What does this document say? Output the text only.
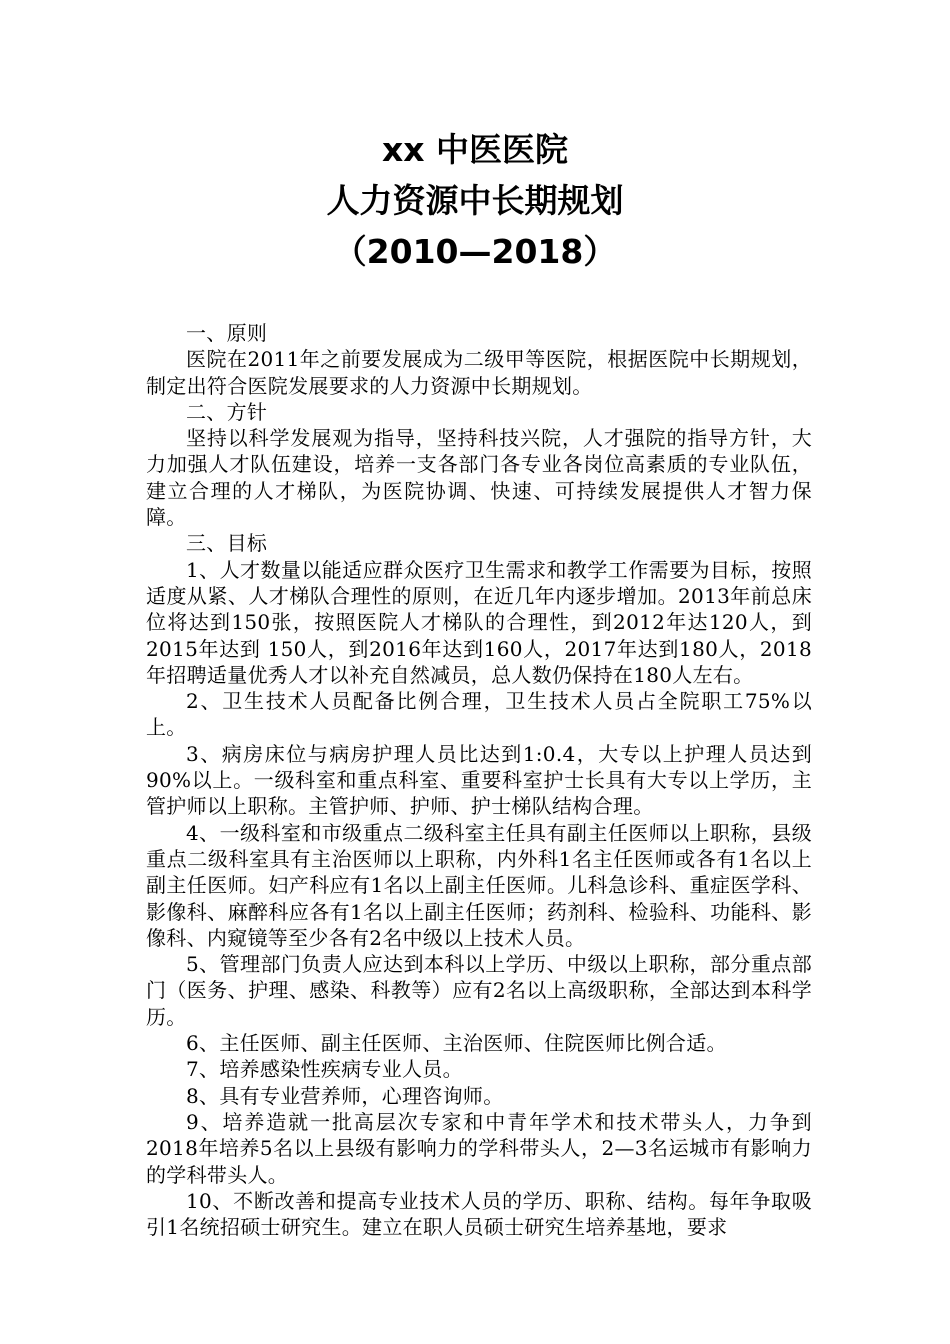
xx 中医医院
人力资源中长期规划
（2010—2018）

一、原则

医院在2011年之前要发展成为二级甲等医院，根据医院中长期规划，制定出符合医院发展要求的人力资源中长期规划。

二、方针

坚持以科学发展观为指导，坚持科技兴院，人才强院的指导方针，大力加强人才队伍建设，培养一支各部门各专业各岗位高素质的专业队伍，建立合理的人才梯队，为医院协调、快速、可持续发展提供人才智力保障。

三、目标

1、人才数量以能适应群众医疗卫生需求和教学工作需要为目标，按照适度从紧、人才梯队合理性的原则，在近几年内逐步增加。2013年前总床位将达到150张，按照医院人才梯队的合理性，到2012年达120人，到2015年达到 150人，到2016年达到160人，2017年达到180人，2018年招聘适量优秀人才以补充自然减员，总人数仍保持在180人左右。

2、卫生技术人员配备比例合理，卫生技术人员占全院职工75%以上。

3、病房床位与病房护理人员比达到1:0.4，大专以上护理人员达到90%以上。一级科室和重点科室、重要科室护士长具有大专以上学历，主管护师以上职称。主管护师、护师、护士梯队结构合理。

4、一级科室和市级重点二级科室主任具有副主任医师以上职称，县级重点二级科室具有主治医师以上职称，内外科1名主任医师或各有1名以上副主任医师。妇产科应有1名以上副主任医师。儿科急诊科、重症医学科、影像科、麻醉科应各有1名以上副主任医师；药剂科、检验科、功能科、影像科、内窥镜等至少各有2名中级以上技术人员。

5、管理部门负责人应达到本科以上学历、中级以上职称，部分重点部门（医务、护理、感染、科教等）应有2名以上高级职称，全部达到本科学历。

6、主任医师、副主任医师、主治医师、住院医师比例合适。

7、培养感染性疾病专业人员。

8、具有专业营养师，心理咨询师。

9、培养造就一批高层次专家和中青年学术和技术带头人，力争到2018年培养5名以上县级有影响力的学科带头人，2—3名运城市有影响力的学科带头人。

10、不断改善和提高专业技术人员的学历、职称、结构。每年争取吸引1名统招硕士研究生。建立在职人员硕士研究生培养基地，要求
